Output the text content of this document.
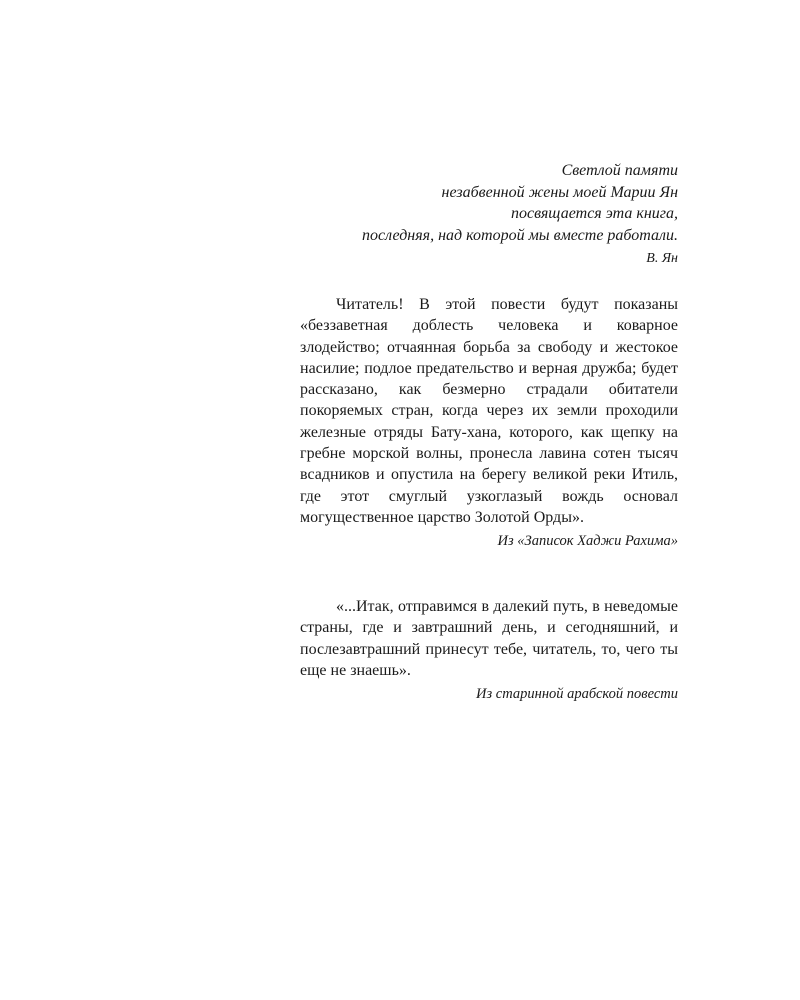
Светлой памяти
незабвенной жены моей Марии Ян
посвящается эта книга,
последняя, над которой мы вместе работали.
В. Ян

Читатель! В этой повести будут показаны «беззаветная доблесть человека и коварное злодейство; отчаянная борьба за свободу и жестокое насилие; подлое предательство и верная дружба; будет рассказано, как безмерно страдали обитатели покоряемых стран, когда через их земли проходили железные отряды Бату-хана, которого, как щепку на гребне морской волны, пронесла лавина сотен тысяч всадников и опустила на берегу великой реки Итиль, где этот смуглый узкоглазый вождь основал могущественное царство Золотой Орды».

Из «Записок Хаджи Рахима»

«...Итак, отправимся в далекий путь, в неведомые страны, где и завтрашний день, и сегодняшний, и послезавтрашний принесут тебе, читатель, то, чего ты еще не знаешь».

Из старинной арабской повести
